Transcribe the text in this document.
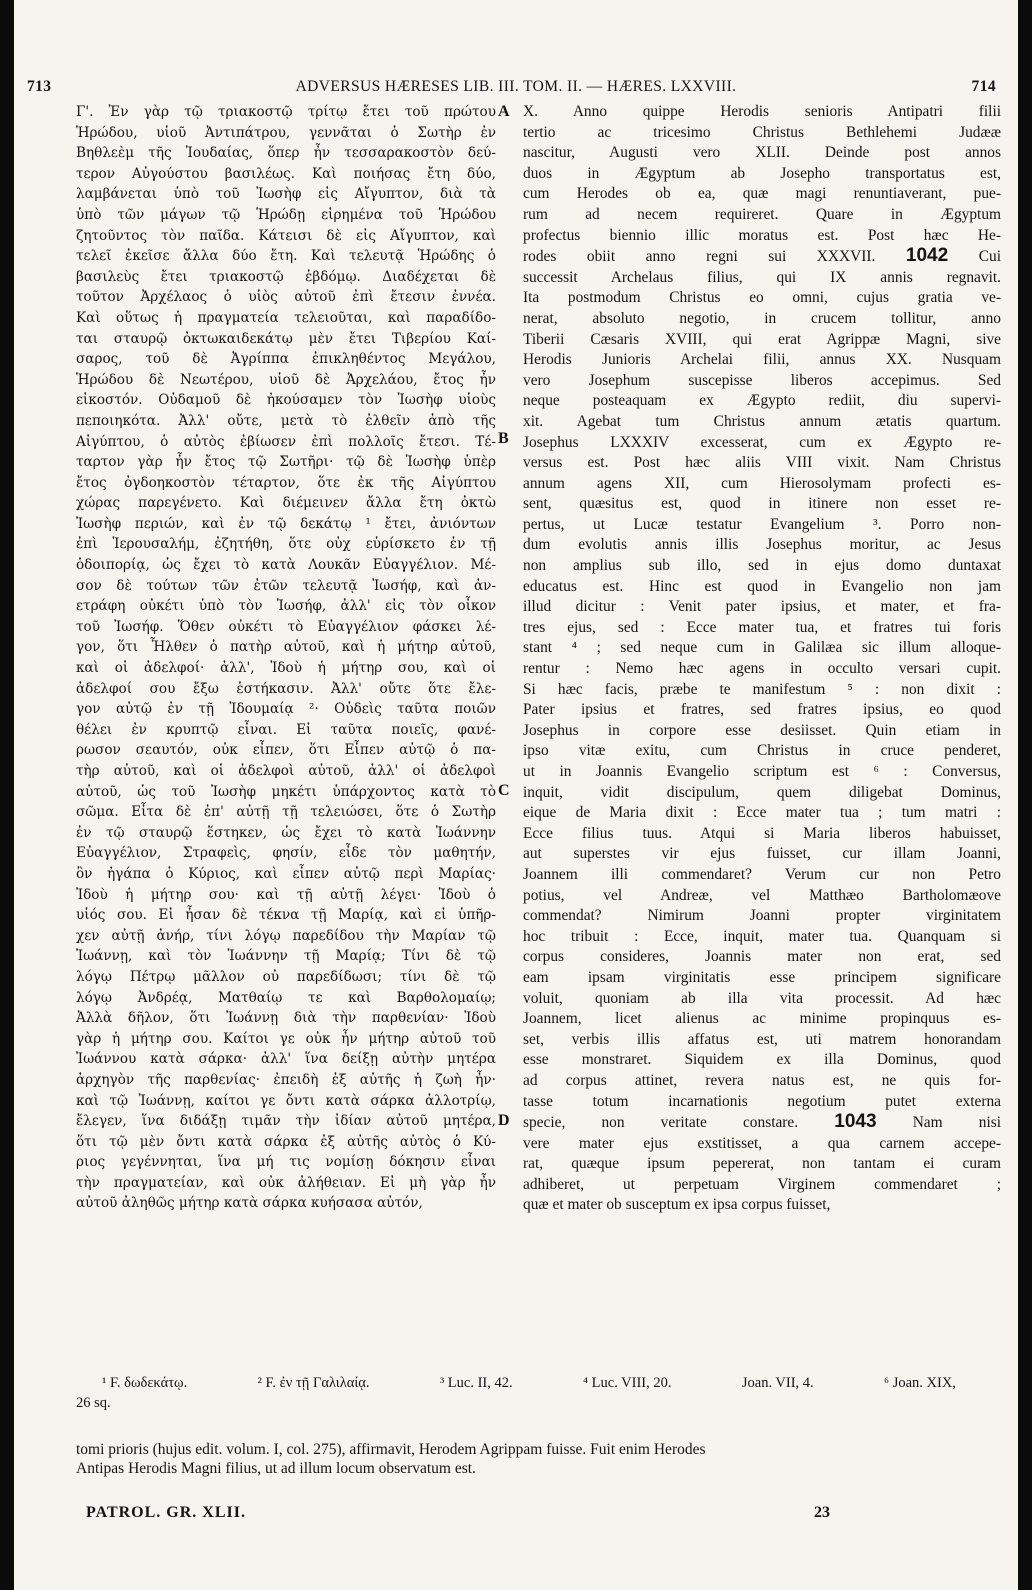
713	ADVERSUS HÆRESES LIB. III. TOM. II. — HÆRES. LXXVIII.	714
Γ'. Ἐν γὰρ τῷ τριακοστῷ τρίτῳ ἔτει τοῦ πρώτου
Ἡρώδου, υἱοῦ Ἀντιπάτρου, γεννᾶται ὁ Σωτὴρ ἐν
Βηθλεὲμ τῆς Ἰουδαίας, ὅπερ ἦν τεσσαρακοστὸν δεύ-
τερον Αὐγούστου βασιλέως. Καὶ ποιήσας ἔτη δύο,
λαμβάνεται ὑπὸ τοῦ Ἰωσὴφ εἰς Αἴγυπτον, διὰ τὰ
ὑπὸ τῶν μάγων τῷ Ἡρώδῃ εἰρημένα τοῦ Ἡρώδου
ζητοῦντος τὸν παῖδα. Κάτεισι δὲ εἰς Αἴγυπτον, καὶ
τελεῖ ἐκεῖσε ἄλλα δύο ἔτη. Καὶ τελευτᾷ Ἡρώδης ὁ
βασιλεὺς ἔτει τριακοστῷ ἑβδόμῳ. Διαδέχεται δὲ
τοῦτον Ἀρχέλαος ὁ υἱὸς αὐτοῦ ἐπὶ ἔτεσιν ἐννέα.
Καὶ οὕτως ἡ πραγματεία τελειοῦται, καὶ παραδίδο-
ται σταυρῷ ὀκτωκαιδεκάτῳ μὲν ἔτει Τιβερίου Καί-
σαρος, τοῦ δὲ Ἀγρίππα ἐπικληθέντος Μεγάλου,
Ἡρώδου δὲ Νεωτέρου, υἱοῦ δὲ Ἀρχελάου, ἔτος ἦν
εἰκοστόν. Οὐδαμοῦ δὲ ἠκούσαμεν τὸν Ἰωσὴφ υἱοὺς
πεποιηκότα. Ἀλλ' οὔτε, μετὰ τὸ ἐλθεῖν ἀπὸ τῆς
Αἰγύπτου, ὁ αὐτὸς ἐβίωσεν ἐπὶ πολλοῖς ἔτεσι. Τέ-
ταρτον γὰρ ἦν ἔτος τῷ Σωτῆρι· τῷ δὲ Ἰωσὴφ ὑπὲρ
ἔτος ὀγδοηκοστὸν τέταρτον, ὅτε ἐκ τῆς Αἰγύπτου
χώρας παρεγένετο. Καὶ διέμεινεν ἄλλα ἔτη ὀκτὼ
Ἰωσὴφ περιών, καὶ ἐν τῷ δεκάτῳ ¹ ἔτει, ἀνιόντων
ἐπὶ Ἱερουσαλήμ, ἐζητήθη, ὅτε οὐχ εὑρίσκετο ἐν τῇ
ὁδοιπορίᾳ, ὡς ἔχει τὸ κατὰ Λουκᾶν Εὐαγγέλιον. Μέ-
σον δὲ τούτων τῶν ἐτῶν τελευτᾷ Ἰωσήφ, καὶ ἀν-
ετράφη οὐκέτι ὑπὸ τὸν Ἰωσήφ, ἀλλ' εἰς τὸν οἶκον
τοῦ Ἰωσήφ. Ὅθεν οὐκέτι τὸ Εὐαγγέλιον φάσκει λέ-
γον, ὅτι Ἦλθεν ὁ πατὴρ αὐτοῦ, καὶ ἡ μήτηρ αὐτοῦ,
καὶ οἱ ἀδελφοί· ἀλλ', Ἰδοὺ ἡ μήτηρ σου, καὶ οἱ
ἀδελφοί σου ἔξω ἑστήκασιν. Ἀλλ' οὔτε ὅτε ἔλε-
γον αὐτῷ ἐν τῇ Ἰδουμαίᾳ ²· Οὐδεὶς ταῦτα ποιῶν
θέλει ἐν κρυπτῷ εἶναι. Εἰ ταῦτα ποιεῖς, φανέ-
ρωσον σεαυτόν, οὐκ εἶπεν, ὅτι Εἶπεν αὐτῷ ὁ πα-
τὴρ αὐτοῦ, καὶ οἱ ἀδελφοὶ αὐτοῦ, ἀλλ' οἱ ἀδελφοὶ
αὐτοῦ, ὡς τοῦ Ἰωσὴφ μηκέτι ὑπάρχοντος κατὰ τὸ
σῶμα. Εἶτα δὲ ἐπ' αὐτῇ τῇ τελειώσει, ὅτε ὁ Σωτὴρ
ἐν τῷ σταυρῷ ἕστηκεν, ὡς ἔχει τὸ κατὰ Ἰωάννην
Εὐαγγέλιον, Στραφεὶς, φησίν, εἶδε τὸν μαθητήν,
ὃν ἠγάπα ὁ Κύριος, καὶ εἶπεν αὐτῷ περὶ Μαρίας·
Ἰδοὺ ἡ μήτηρ σου· καὶ τῇ αὐτῇ λέγει· Ἰδοὺ ὁ
υἱός σου. Εἰ ἦσαν δὲ τέκνα τῇ Μαρίᾳ, καὶ εἰ ὑπῆρ-
χεν αὐτῇ ἀνήρ, τίνι λόγῳ παρεδίδου τὴν Μαρίαν τῷ
Ἰωάννῃ, καὶ τὸν Ἰωάννην τῇ Μαρίᾳ; Τίνι δὲ τῷ
λόγῳ Πέτρῳ μᾶλλον οὐ παρεδίδωσι; τίνι δὲ τῷ
λόγῳ Ἀνδρέᾳ, Ματθαίῳ τε καὶ Βαρθολομαίῳ;
Ἀλλὰ δῆλον, ὅτι Ἰωάννῃ διὰ τὴν παρθενίαν· Ἰδοὺ
γὰρ ἡ μήτηρ σου. Καίτοι γε οὐκ ἦν μήτηρ αὐτοῦ τοῦ
Ἰωάννου κατὰ σάρκα· ἀλλ' ἵνα δείξῃ αὐτὴν μητέρα
ἀρχηγὸν τῆς παρθενίας· ἐπειδὴ ἐξ αὐτῆς ἡ ζωὴ ἦν·
καὶ τῷ Ἰωάννῃ, καίτοι γε ὄντι κατὰ σάρκα ἀλλοτρίῳ,
ἔλεγεν, ἵνα διδάξῃ τιμᾶν τὴν ἰδίαν αὐτοῦ μητέρα,
ὅτι τῷ μὲν ὄντι κατὰ σάρκα ἐξ αὐτῆς αὐτὸς ὁ Κύ-
ριος γεγέννηται, ἵνα μή τις νομίσῃ δόκησιν εἶναι
τὴν πραγματείαν, καὶ οὐκ ἀλήθειαν. Εἰ μὴ γὰρ ἦν
αὐτοῦ ἀληθῶς μήτηρ κατὰ σάρκα κυήσασα αὐτόν,
X. Anno quippe Herodis senioris Antipatri filii
tertio ac tricesimo Christus Bethlehemi Judææ
nascitur, Augusti vero XLII. Deinde post annos
duos in Ægyptum ab Josepho transportatus est,
cum Herodes ob ea, quæ magi renuntiaverant, pue-
rum ad necem requireret. Quare in Ægyptum
profectus biennio illic moratus est. Post hæc He-
rodes obiit anno regni sui XXXVII. 1042 Cui
successit Archelaus filius, qui IX annis regnavit.
Ita postmodum Christus eo omni, cujus gratia ve-
nerat, absoluto negotio, in crucem tollitur, anno
Tiberii Cæsaris XVIII, qui erat Agrippæ Magni, sive
Herodis Junioris Archelai filii, annus XX. Nusquam
vero Josephum suscepisse liberos accepimus. Sed
neque posteaquam ex Ægypto rediit, diu supervi-
xit. Agebat tum Christus annum ætatis quartum.
Josephus LXXXIV excesserat, cum ex Ægypto re-
versus est. Post hæc aliis VIII vixit. Nam Christus
annum agens XII, cum Hierosolymam profecti es-
sent, quæsitus est, quod in itinere non esset re-
pertus, ut Lucæ testatur Evangelium ³. Porro non-
dum evolutis annis illis Josephus moritur, ac Jesus
non amplius sub illo, sed in ejus domo duntaxat
educatus est. Hinc est quod in Evangelio non jam
illud dicitur : Venit pater ipsius, et mater, et fra-
tres ejus, sed : Ecce mater tua, et fratres tui foris
stant ⁴ ; sed neque cum in Galilæa sic illum alloque-
rentur : Nemo hæc agens in occulto versari cupit.
Si hæc facis, præbe te manifestum ⁵ : non dixit :
Pater ipsius et fratres, sed fratres ipsius, eo quod
Josephus in corpore esse desiisset. Quin etiam in
ipso vitæ exitu, cum Christus in cruce penderet,
ut in Joannis Evangelio scriptum est ⁶ : Conversus,
inquit, vidit discipulum, quem diligebat Dominus,
eique de Maria dixit : Ecce mater tua ; tum matri :
Ecce filius tuus. Atqui si Maria liberos habuisset,
aut superstes vir ejus fuisset, cur illam Joanni,
Joannem illi commendaret? Verum cur non Petro
potius, vel Andreæ, vel Matthæo Bartholomæove
commendat? Nimirum Joanni propter virginitatem
hoc tribuit : Ecce, inquit, mater tua. Quanquam si
corpus consideres, Joannis mater non erat, sed
eam ipsam virginitatis esse principem significare
voluit, quoniam ab illa vita processit. Ad hæc
Joannem, licet alienus ac minime propinquus es-
set, verbis illis affatus est, uti matrem honorandam
esse monstraret. Siquidem ex illa Dominus, quod
ad corpus attinet, revera natus est, ne quis for-
tasse totum incarnationis negotium putet externa
specie, non veritate constare. 1043 Nam nisi
vere mater ejus exstitisset, a qua carnem accepe-
rat, quæque ipsum pepererat, non tantam ei curam
adhiberet, ut perpetuam Virginem commendaret ;
quæ et mater ob susceptum ex ipsa corpus fuisset,
A
B
C
D
¹ F. δωδεκάτῳ.	² F. ἐν τῇ Γαλιλαίᾳ.	³ Luc. II, 42.	⁴ Luc. VIII, 20.	Joan. VII, 4.	⁶ Joan. XIX,
26 sq.
tomi prioris (hujus edit. volum. I, col. 275), affirmavit, Herodem Agrippam fuisse. Fuit enim Herodes
Antipas Herodis Magni filius, ut ad illum locum observatum est.
PATROL. GR. XLII.	23
